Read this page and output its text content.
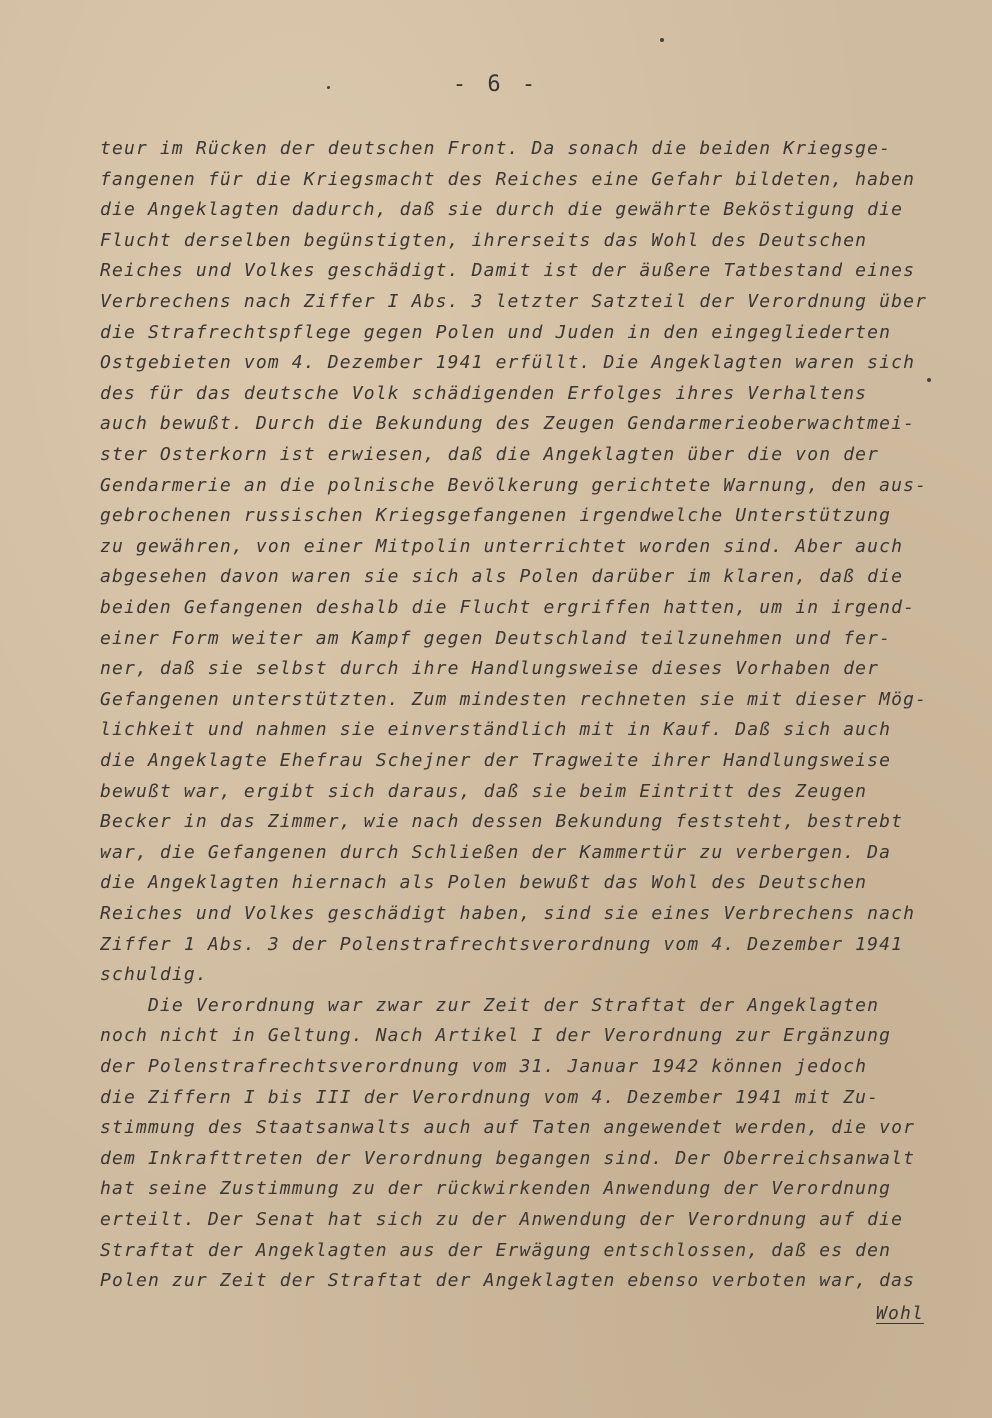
- 6 -
teur im Rücken der deutschen Front. Da sonach die beiden Kriegsge-
fangenen für die Kriegsmacht des Reiches eine Gefahr bildeten, haben
die Angeklagten dadurch, daß sie durch die gewährte Beköstigung die
Flucht derselben begünstigten, ihrerseits das Wohl des Deutschen
Reiches und Volkes geschädigt. Damit ist der äußere Tatbestand eines
Verbrechens nach Ziffer I Abs. 3 letzter Satzteil der Verordnung über
die Strafrechtspflege gegen Polen und Juden in den eingegliederten
Ostgebieten vom 4. Dezember 1941 erfüllt. Die Angeklagten waren sich
des für das deutsche Volk schädigenden Erfolges ihres Verhaltens
auch bewußt. Durch die Bekundung des Zeugen Gendarmerieoberwachtmei-
ster Osterkorn ist erwiesen, daß die Angeklagten über die von der
Gendarmerie an die polnische Bevölkerung gerichtete Warnung, den aus-
gebrochenen russischen Kriegsgefangenen irgendwelche Unterstützung
zu gewähren, von einer Mitpolin unterrichtet worden sind. Aber auch
abgesehen davon waren sie sich als Polen darüber im klaren, daß die
beiden Gefangenen deshalb die Flucht ergriffen hatten, um in irgend-
einer Form weiter am Kampf gegen Deutschland teilzunehmen und fer-
ner, daß sie selbst durch ihre Handlungsweise dieses Vorhaben der
Gefangenen unterstützten. Zum mindesten rechneten sie mit dieser Mög-
lichkeit und nahmen sie einverständlich mit in Kauf. Daß sich auch
die Angeklagte Ehefrau Schejner der Tragweite ihrer Handlungsweise
bewußt war, ergibt sich daraus, daß sie beim Eintritt des Zeugen
Becker in das Zimmer, wie nach dessen Bekundung feststeht, bestrebt
war, die Gefangenen durch Schließen der Kammertür zu verbergen. Da
die Angeklagten hiernach als Polen bewußt das Wohl des Deutschen
Reiches und Volkes geschädigt haben, sind sie eines Verbrechens nach
Ziffer 1 Abs. 3 der Polenstrafrechtsverordnung vom 4. Dezember 1941
schuldig.
Die Verordnung war zwar zur Zeit der Straftat der Angeklagten
noch nicht in Geltung. Nach Artikel I der Verordnung zur Ergänzung
der Polenstrafrechtsverordnung vom 31. Januar 1942 können jedoch
die Ziffern I bis III der Verordnung vom 4. Dezember 1941 mit Zu-
stimmung des Staatsanwalts auch auf Taten angewendet werden, die vor
dem Inkrafttreten der Verordnung begangen sind. Der Oberreichsanwalt
hat seine Zustimmung zu der rückwirkenden Anwendung der Verordnung
erteilt. Der Senat hat sich zu der Anwendung der Verordnung auf die
Straftat der Angeklagten aus der Erwägung entschlossen, daß es den
Polen zur Zeit der Straftat der Angeklagten ebenso verboten war, das
Wohl
